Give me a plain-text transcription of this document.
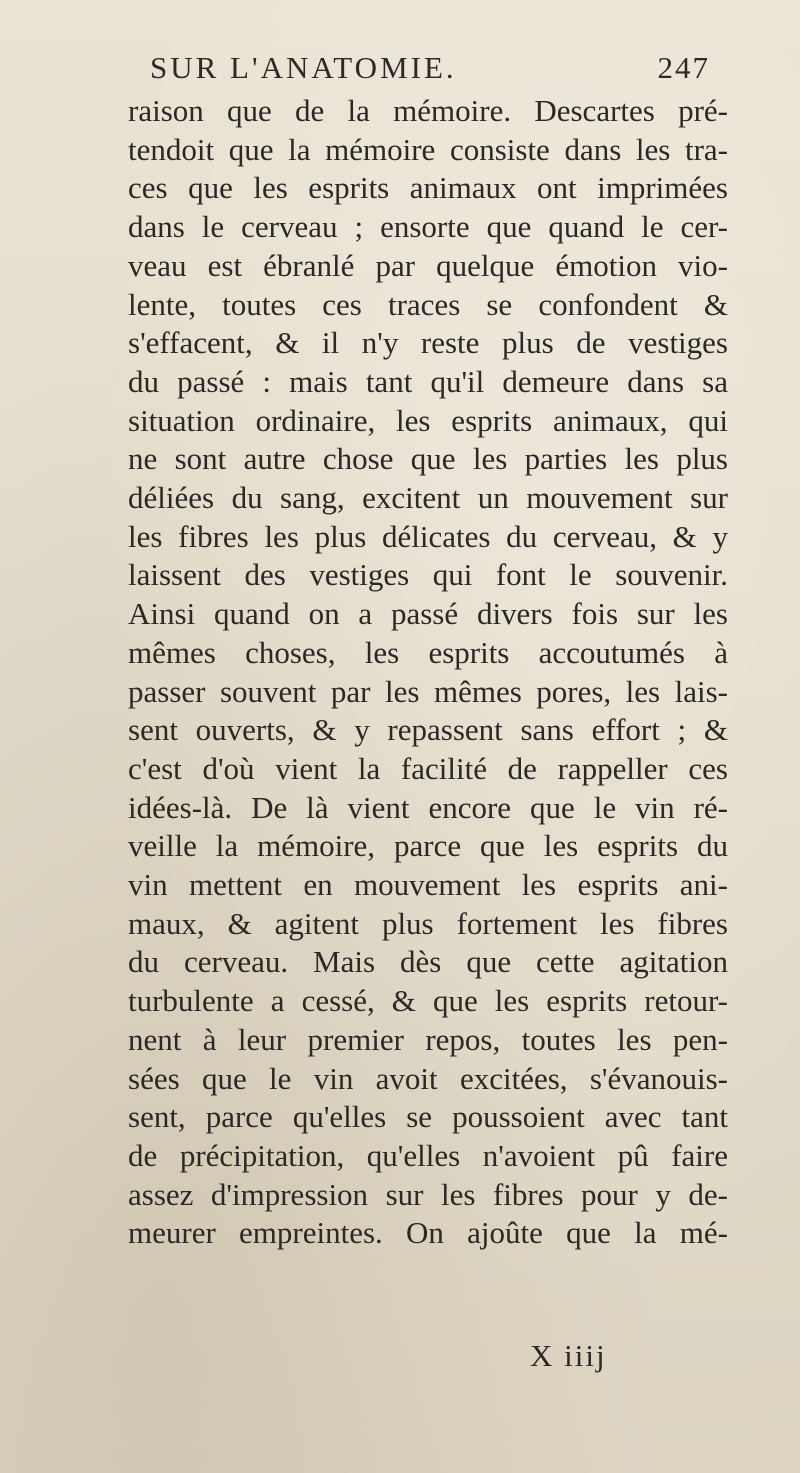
SUR L'ANATOMIE.	247
raison que de la mémoire. Descartes pré-
tendoit que la mémoire consiste dans les tra-
ces que les esprits animaux ont imprimées
dans le cerveau ; ensorte que quand le cer-
veau est ébranlé par quelque émotion vio-
lente, toutes ces traces se confondent &
s'effacent, & il n'y reste plus de vestiges
du passé : mais tant qu'il demeure dans sa
situation ordinaire, les esprits animaux, qui
ne sont autre chose que les parties les plus
déliées du sang, excitent un mouvement sur
les fibres les plus délicates du cerveau, & y
laissent des vestiges qui font le souvenir.
Ainsi quand on a passé divers fois sur les
mêmes choses, les esprits accoutumés à
passer souvent par les mêmes pores, les lais-
sent ouverts, & y repassent sans effort ; &
c'est d'où vient la facilité de rappeller ces
idées-là. De là vient encore que le vin ré-
veille la mémoire, parce que les esprits du
vin mettent en mouvement les esprits ani-
maux, & agitent plus fortement les fibres
du cerveau. Mais dès que cette agitation
turbulente a cessé, & que les esprits retour-
nent à leur premier repos, toutes les pen-
sées que le vin avoit excitées, s'évanouis-
sent, parce qu'elles se poussoient avec tant
de précipitation, qu'elles n'avoient pû faire
assez d'impression sur les fibres pour y de-
meurer empreintes. On ajoûte que la mé-
X iiij
